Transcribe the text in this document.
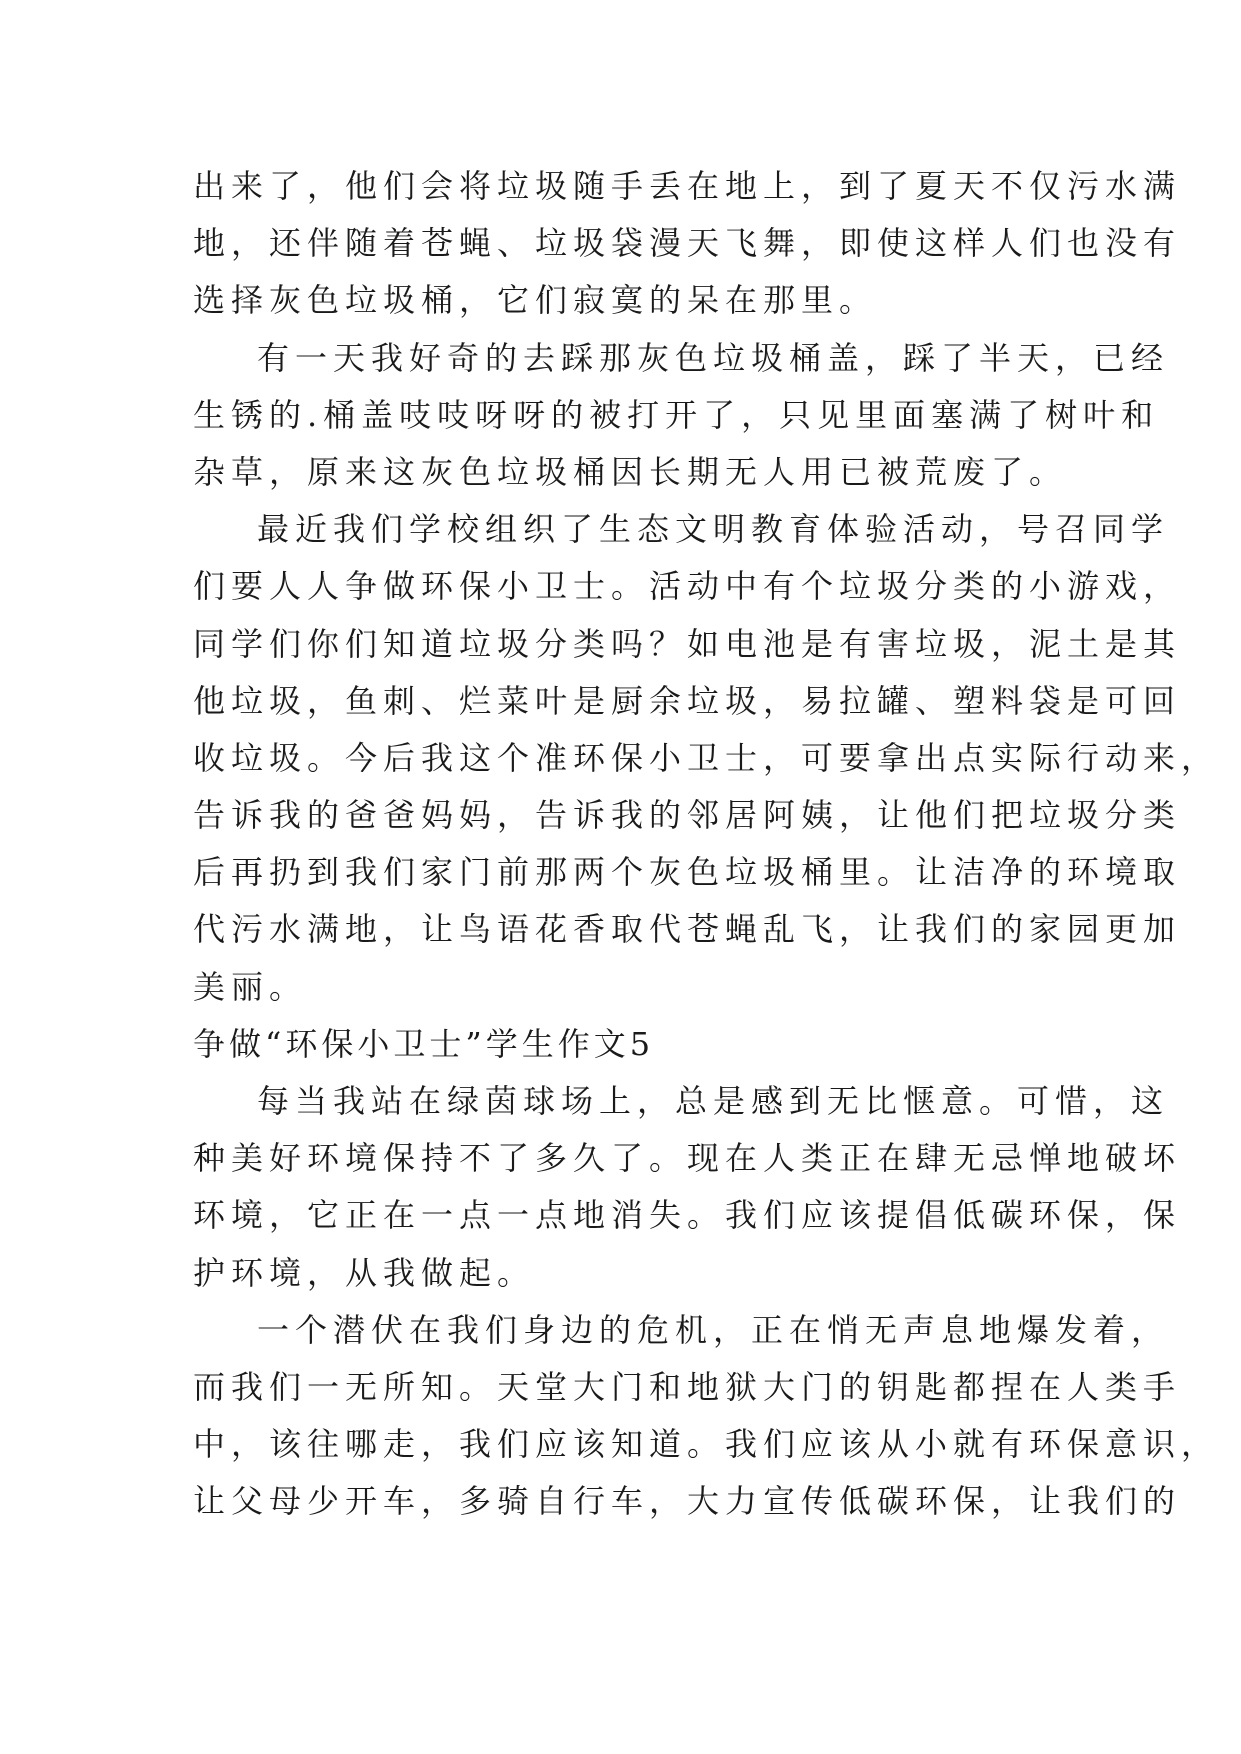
出来了，他们会将垃圾随手丢在地上，到了夏天不仅污水满
地，还伴随着苍蝇、垃圾袋漫天飞舞，即使这样人们也没有
选择灰色垃圾桶，它们寂寞的呆在那里。
有一天我好奇的去踩那灰色垃圾桶盖，踩了半天，已经
生锈的.桶盖吱吱呀呀的被打开了，只见里面塞满了树叶和
杂草，原来这灰色垃圾桶因长期无人用已被荒废了。
最近我们学校组织了生态文明教育体验活动，号召同学
们要人人争做环保小卫士。活动中有个垃圾分类的小游戏，
同学们你们知道垃圾分类吗？如电池是有害垃圾，泥土是其
他垃圾，鱼刺、烂菜叶是厨余垃圾，易拉罐、塑料袋是可回
收垃圾。今后我这个准环保小卫士，可要拿出点实际行动来，
告诉我的爸爸妈妈，告诉我的邻居阿姨，让他们把垃圾分类
后再扔到我们家门前那两个灰色垃圾桶里。让洁净的环境取
代污水满地，让鸟语花香取代苍蝇乱飞，让我们的家园更加
美丽。
争做“环保小卫士”学生作文5
每当我站在绿茵球场上，总是感到无比惬意。可惜，这
种美好环境保持不了多久了。现在人类正在肆无忌惮地破坏
环境，它正在一点一点地消失。我们应该提倡低碳环保，保
护环境，从我做起。
一个潜伏在我们身边的危机，正在悄无声息地爆发着，
而我们一无所知。天堂大门和地狱大门的钥匙都捏在人类手
中，该往哪走，我们应该知道。我们应该从小就有环保意识，
让父母少开车，多骑自行车，大力宣传低碳环保，让我们的
